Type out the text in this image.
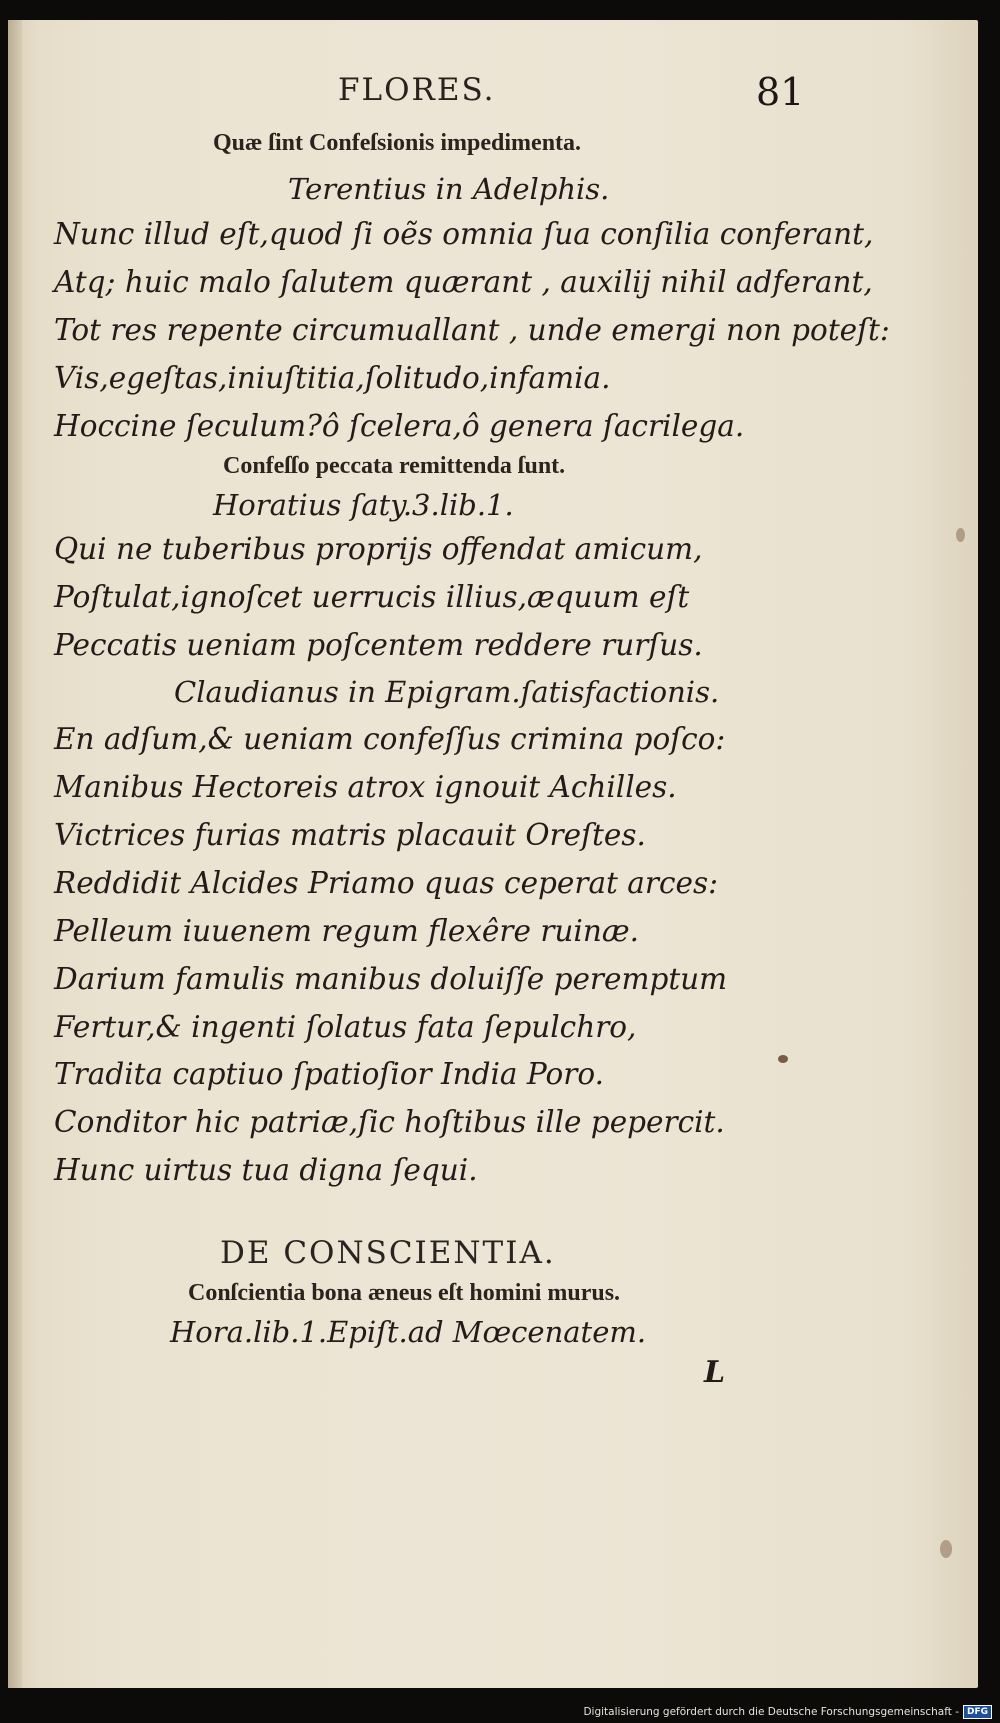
FLORES.	81
Quæ ſint Confeſsionis impedimenta.
Terentius in Adelphis.
Nunc illud eſt,quod ſi oẽs omnia ſua conſilia conferant,
Atq; huic malo ſalutem quærant , auxilij nihil adferant,
Tot res repente circumuallant , unde emergi non poteſt:
Vis,egeſtas,iniuſtitia,ſolitudo,infamia.
Hoccine ſeculum?ô ſcelera,ô genera ſacrilega.
Confeſſo peccata remittenda ſunt.
Horatius ſaty.3.lib.1.
Qui ne tuberibus proprijs offendat amicum,
Poſtulat,ignoſcet uerrucis illius,æquum eſt
Peccatis ueniam poſcentem reddere rurſus.
Claudianus in Epigram.ſatisfactionis.
En adſum,& ueniam confeſſus crimina poſco:
Manibus Hectoreis atrox ignouit Achilles.
Victrices furias matris placauit Oreſtes.
Reddidit Alcides Priamo quas ceperat arces:
Pelleum iuuenem regum flexêre ruinæ.
Darium famulis manibus doluiſſe peremptum
Fertur,& ingenti ſolatus fata ſepulchro,
Tradita captiuo ſpatioſior India Poro.
Conditor hic patriæ,ſic hoſtibus ille pepercit.
Hunc uirtus tua digna ſequi.
DE CONSCIENTIA.
Conſcientia bona æneus eſt homini murus.
Hora.lib.1.Epiſt.ad Mœcenatem.
L
Digitalisierung gefördert durch die Deutsche Forschungsgemeinschaft - DFG
